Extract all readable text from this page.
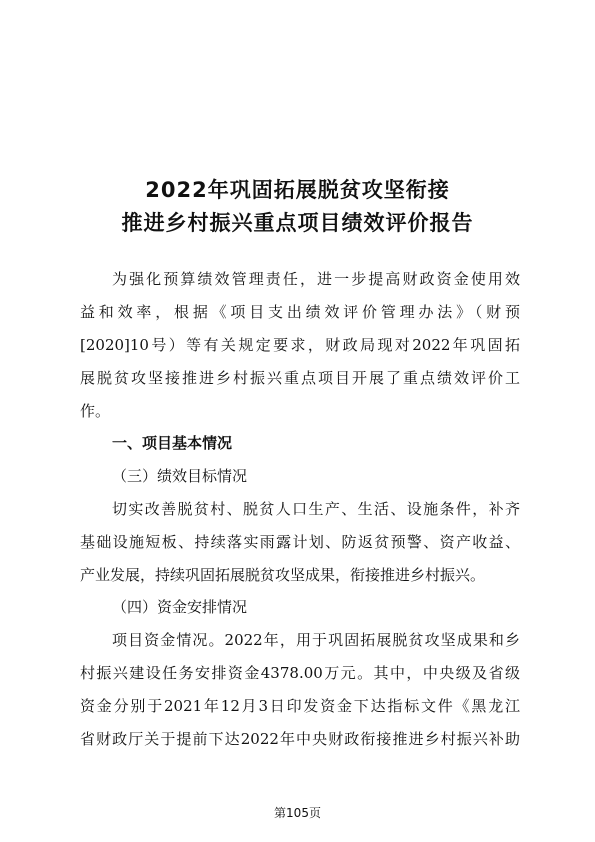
2022年巩固拓展脱贫攻坚衔接
推进乡村振兴重点项目绩效评价报告
为强化预算绩效管理责任，进一步提高财政资金使用效
益和效率，根据《项目支出绩效评价管理办法》（财预
[2020]10号）等有关规定要求，财政局现对2022年巩固拓
展脱贫攻坚接推进乡村振兴重点项目开展了重点绩效评价工
作。
一、项目基本情况
（三）绩效目标情况
切实改善脱贫村、脱贫人口生产、生活、设施条件，补齐
基础设施短板、持续落实雨露计划、防返贫预警、资产收益、
产业发展，持续巩固拓展脱贫攻坚成果，衔接推进乡村振兴。
（四）资金安排情况
项目资金情况。2022年，用于巩固拓展脱贫攻坚成果和乡
村振兴建设任务安排资金4378.00万元。其中，中央级及省级
资金分别于2021年12月3日印发资金下达指标文件《黑龙江
省财政厅关于提前下达2022年中央财政衔接推进乡村振兴补助
第105页
